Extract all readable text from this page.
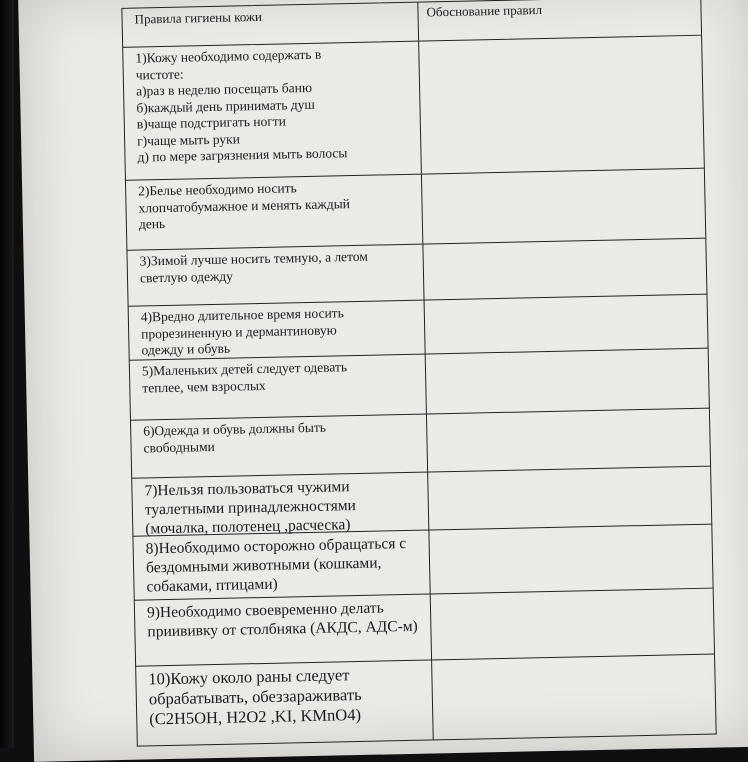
Правила гигиены кожи	Обоснование правил
1)Кожу необходимо содержать в
чистоте:
а)раз в неделю посещать баню
б)каждый день принимать душ
в)чаще подстригать ногти
г)чаще мыть руки
д) по мере загрязнения мыть волосы
2)Белье необходимо носить
хлопчатобумажное и менять каждый
день
3)Зимой лучше носить темную, а летом
светлую одежду
4)Вредно длительное время носить
прорезиненную и дермантиновую
одежду и обувь
5)Маленьких детей следует одевать
теплее, чем взрослых
6)Одежда и обувь должны быть
свободными
7)Нельзя пользоваться чужими
туалетными принадлежностями
(мочалка, полотенец ,расческа)
8)Необходимо осторожно обращаться с
бездомными животными (кошками,
собаками, птицами)
9)Необходимо своевременно делать
приививку от столбняка (АКДС, АДС-м)
10)Кожу около раны следует
обрабатывать, обеззараживать
(C2H5OH, H2O2 ,KI, KMnO4)
